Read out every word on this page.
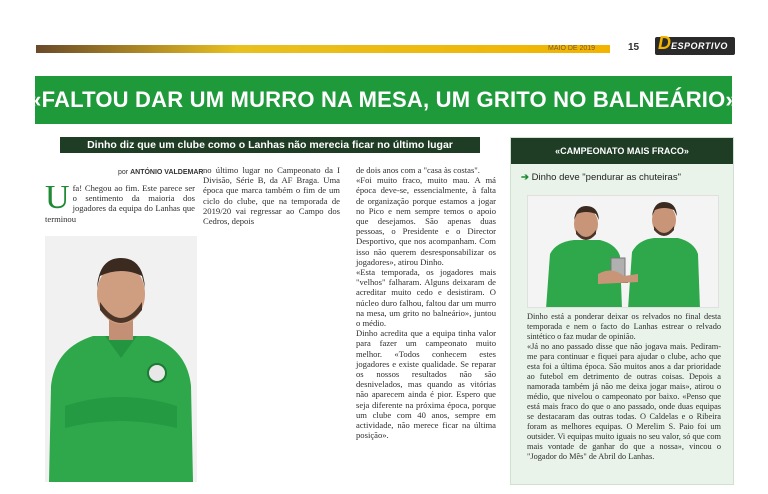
MAIO DE 2019	15 D ESPORTIVO
«FALTOU DAR UM MURRO NA MESA, UM GRITO NO BALNEÁRIO»
Dinho diz que um clube como o Lanhas não merecia ficar no último lugar
por ANTÓNIO VALDEMAR
U fa! Chegou ao fim. Este parece ser o sentimento da maioria dos jogadores da equipa do Lanhas que terminou

no último lugar no Campeonato da I Divisão, Série B, da AF Braga. Uma época que marca também o fim de um ciclo do clube, que na temporada de 2019/20 vai regressar ao Campo dos Cedros, depois

de dois anos com a "casa às costas".

«Foi muito fraco, muito mau. A má época deve-se, essencialmente, à falta de organização porque estamos a jogar no Pico e nem sempre temos o apoio que desejamos. São apenas duas pessoas, o Presidente e o Director Desportivo, que nos acompanham. Com isso não querem desresponsabilizar os jogadores», atirou Dinho.

«Esta temporada, os jogadores mais "velhos" falharam. Alguns deixaram de acreditar muito cedo e desistiram. O núcleo duro falhou, faltou dar um murro na mesa, um grito no balneário», juntou o médio.

Dinho acredita que a equipa tinha valor para fazer um campeonato muito melhor. «Todos conhecem estes jogadores e existe qualidade. Se reparar os nossos resultados não são desnivelados, mas quando as vitórias não aparecem ainda é pior. Espero que seja diferente na próxima época, porque um clube com 40 anos, sempre em actividade, não merece ficar na última posição».

«CAMPEONATO MAIS FRACO»
➔ Dinho deve "pendurar as chuteiras"

Dinho está a ponderar deixar os relvados no final desta temporada e nem o facto do Lanhas estrear o relvado sintético o faz mudar de opinião.

«Já no ano passado disse que não jogava mais. Pediram-me para continuar e fiquei para ajudar o clube, acho que esta foi a última época. São muitos anos a dar prioridade ao futebol em detrimento de outras coisas. Depois a namorada também já não me deixa jogar mais», atirou o médio, que nivelou o campeonato por baixo. «Penso que está mais fraco do que o ano passado, onde duas equipas se destacaram das outras todas. O Caldelas e o Ribeira foram as melhores equipas. O Merelim S. Paio foi um outsider. Vi equipas muito iguais no seu valor, só que com mais vontade de ganhar do que a nossa», vincou o "Jogador do Mês" de Abril do Lanhas.
